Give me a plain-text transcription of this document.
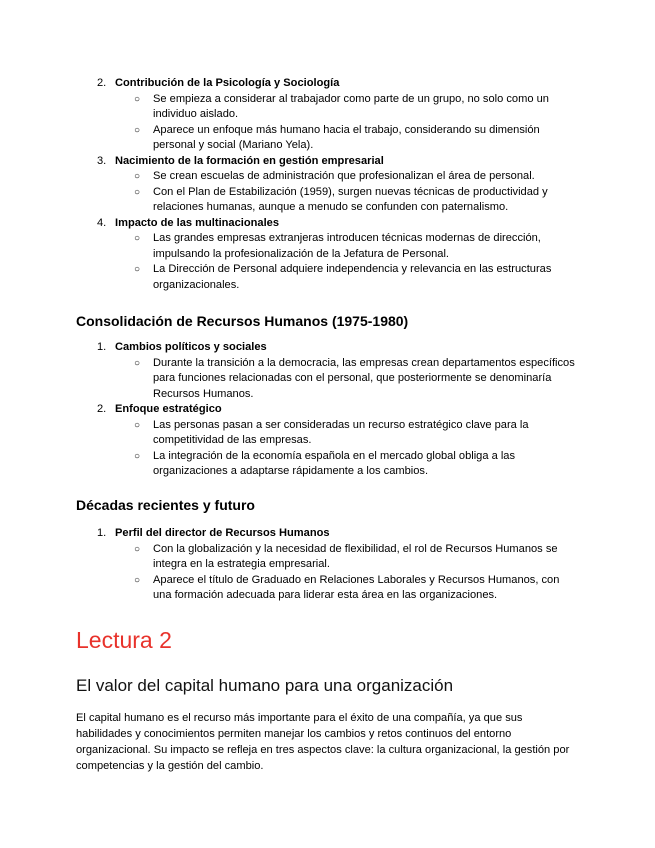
2. Contribución de la Psicología y Sociología
○ Se empieza a considerar al trabajador como parte de un grupo, no solo como un individuo aislado.
○ Aparece un enfoque más humano hacia el trabajo, considerando su dimensión personal y social (Mariano Yela).
3. Nacimiento de la formación en gestión empresarial
○ Se crean escuelas de administración que profesionalizan el área de personal.
○ Con el Plan de Estabilización (1959), surgen nuevas técnicas de productividad y relaciones humanas, aunque a menudo se confunden con paternalismo.
4. Impacto de las multinacionales
○ Las grandes empresas extranjeras introducen técnicas modernas de dirección, impulsando la profesionalización de la Jefatura de Personal.
○ La Dirección de Personal adquiere independencia y relevancia en las estructuras organizacionales.
Consolidación de Recursos Humanos (1975-1980)
1. Cambios políticos y sociales
○ Durante la transición a la democracia, las empresas crean departamentos específicos para funciones relacionadas con el personal, que posteriormente se denominaría Recursos Humanos.
2. Enfoque estratégico
○ Las personas pasan a ser consideradas un recurso estratégico clave para la competitividad de las empresas.
○ La integración de la economía española en el mercado global obliga a las organizaciones a adaptarse rápidamente a los cambios.
Décadas recientes y futuro
1. Perfil del director de Recursos Humanos
○ Con la globalización y la necesidad de flexibilidad, el rol de Recursos Humanos se integra en la estrategia empresarial.
○ Aparece el título de Graduado en Relaciones Laborales y Recursos Humanos, con una formación adecuada para liderar esta área en las organizaciones.
Lectura 2
El valor del capital humano para una organización

El capital humano es el recurso más importante para el éxito de una compañía, ya que sus habilidades y conocimientos permiten manejar los cambios y retos continuos del entorno organizacional. Su impacto se refleja en tres aspectos clave: la cultura organizacional, la gestión por competencias y la gestión del cambio.
